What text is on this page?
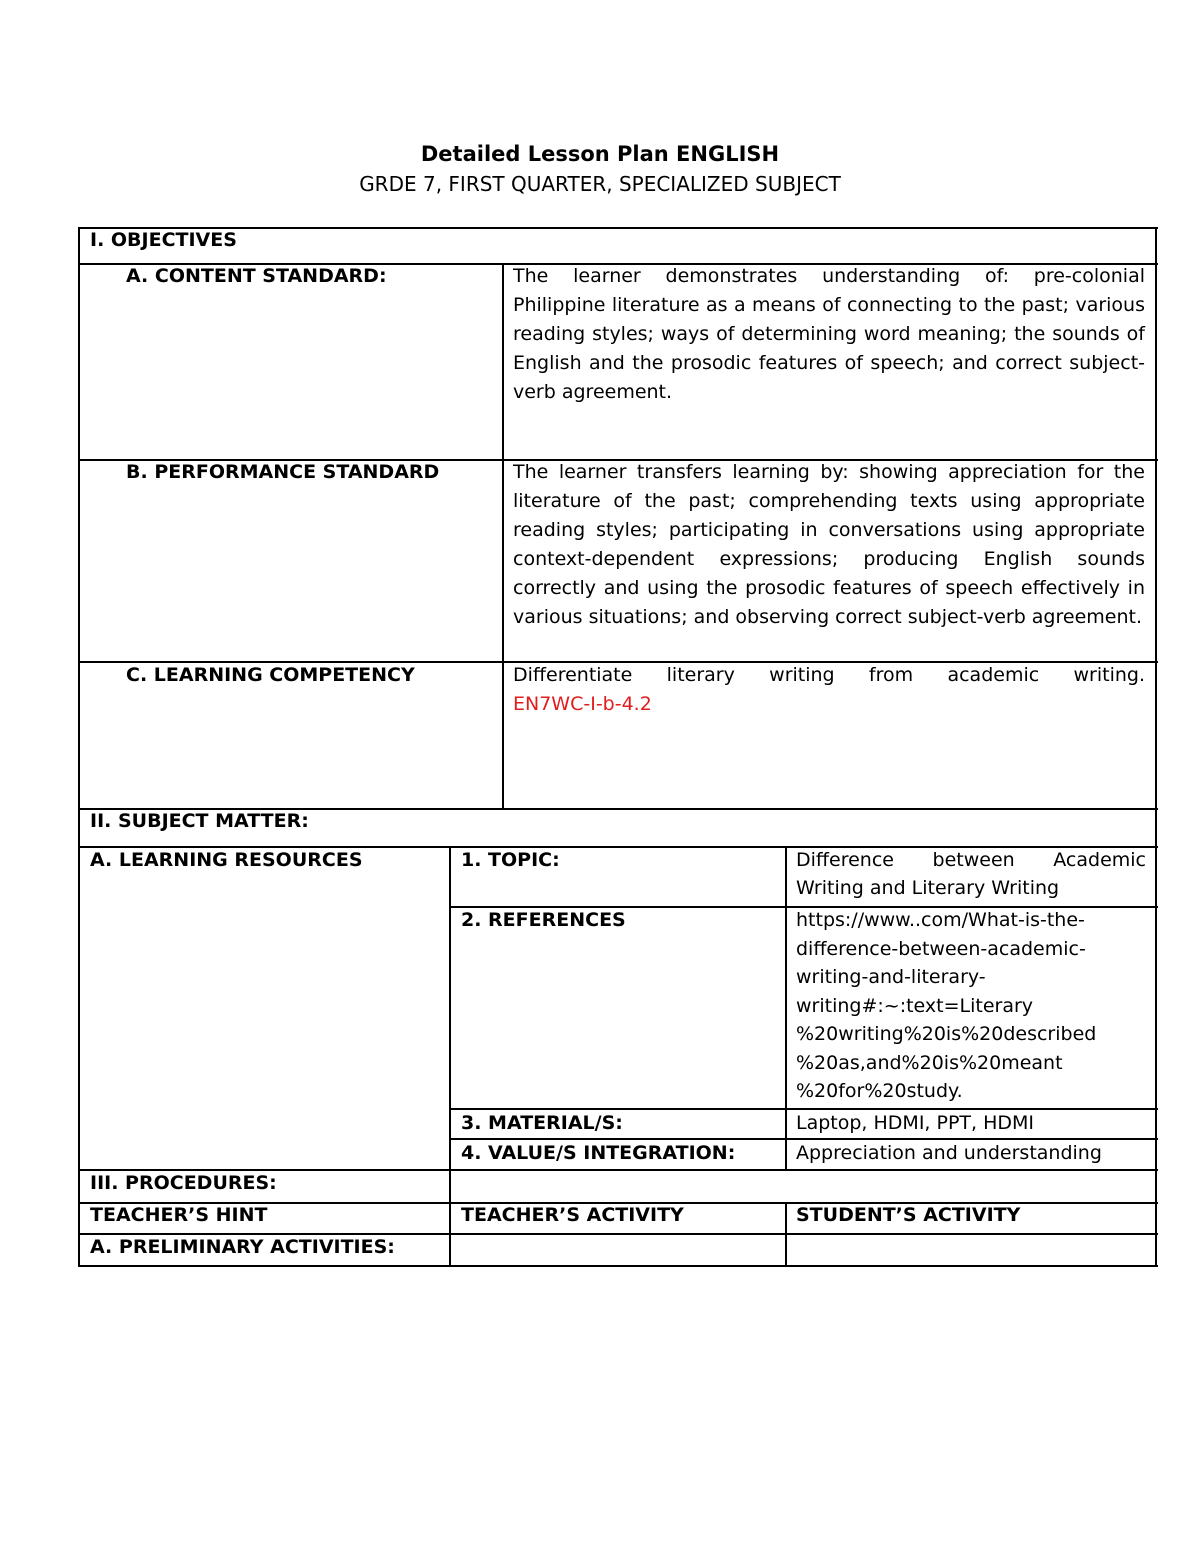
Detailed Lesson Plan ENGLISH
GRDE 7, FIRST QUARTER, SPECIALIZED SUBJECT
I. OBJECTIVES
A. CONTENT STANDARD:	The learner demonstrates understanding of: pre-colonial Philippine literature as a means of connecting to the past; various reading styles; ways of determining word meaning; the sounds of English and the prosodic features of speech; and correct subject-verb agreement.
B. PERFORMANCE STANDARD	The learner transfers learning by: showing appreciation for the literature of the past; comprehending texts using appropriate reading styles; participating in conversations using appropriate context-dependent expressions; producing English sounds correctly and using the prosodic features of speech effectively in various situations; and observing correct subject-verb agreement.
C. LEARNING COMPETENCY	Differentiate literary writing from academic writing.
EN7WC-I-b-4.2
II. SUBJECT MATTER:
A. LEARNING RESOURCES	1. TOPIC:	Difference between Academic Writing and Literary Writing
2. REFERENCES	https://www..com/What-is-the-
difference-between-academic-
writing-and-literary-
writing#:~:text=Literary
%20writing%20is%20described
%20as,and%20is%20meant
%20for%20study.
3. MATERIAL/S:	Laptop, HDMI, PPT, HDMI
4. VALUE/S INTEGRATION:	Appreciation and understanding
III. PROCEDURES:
TEACHER’S HINT	TEACHER’S ACTIVITY	STUDENT’S ACTIVITY
A. PRELIMINARY ACTIVITIES:
